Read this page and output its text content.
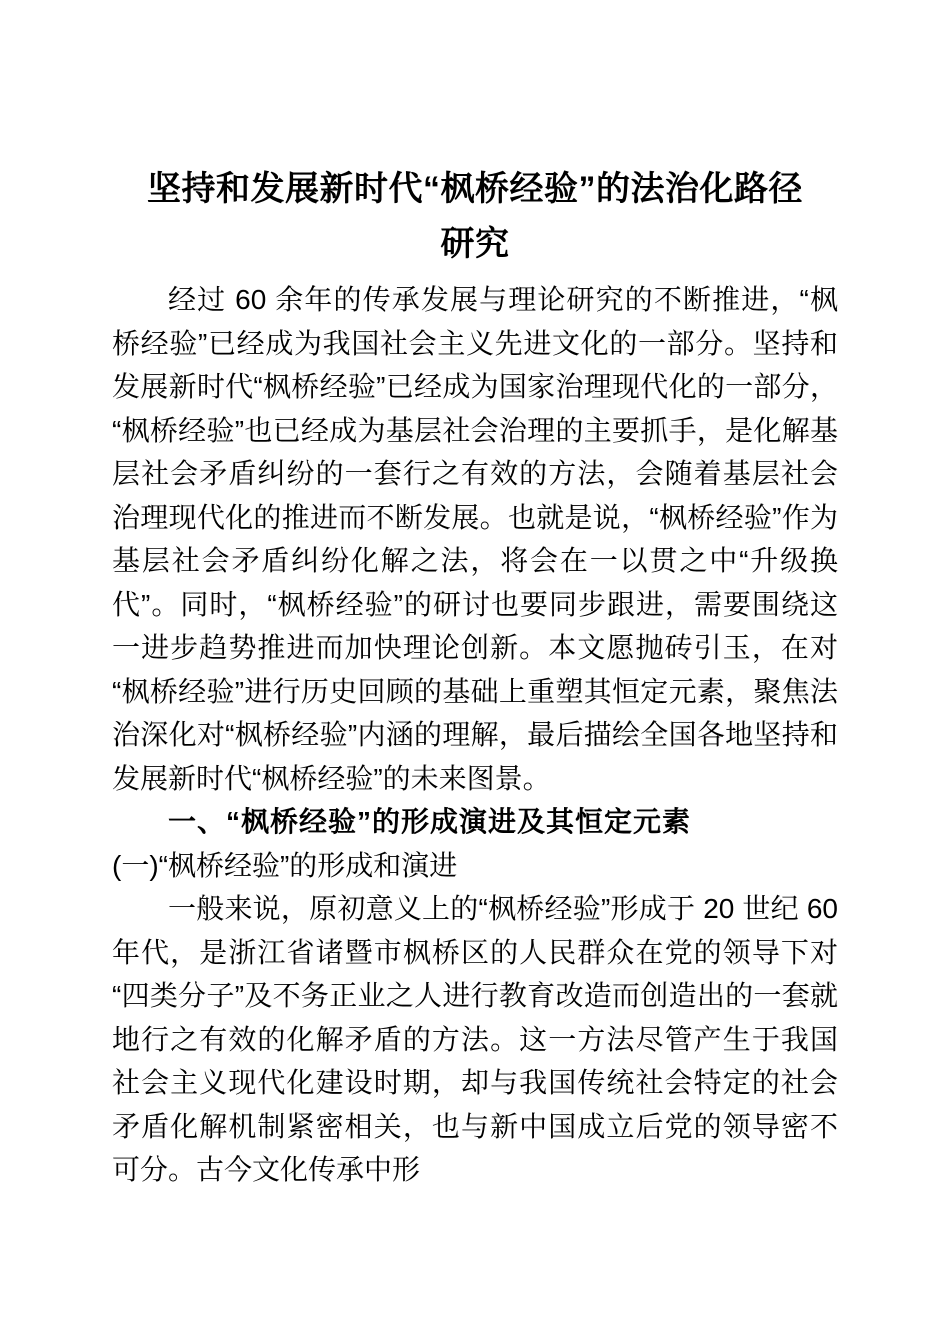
坚持和发展新时代“枫桥经验”的法治化路径
研究
经过 60 余年的传承发展与理论研究的不断推进，“枫桥经验”已经成为我国社会主义先进文化的一部分。坚持和发展新时代“枫桥经验”已经成为国家治理现代化的一部分，“枫桥经验”也已经成为基层社会治理的主要抓手，是化解基层社会矛盾纠纷的一套行之有效的方法，会随着基层社会治理现代化的推进而不断发展。也就是说，“枫桥经验”作为基层社会矛盾纠纷化解之法，将会在一以贯之中“升级换代”。同时，“枫桥经验”的研讨也要同步跟进，需要围绕这一进步趋势推进而加快理论创新。本文愿抛砖引玉，在对“枫桥经验”进行历史回顾的基础上重塑其恒定元素，聚焦法治深化对“枫桥经验”内涵的理解，最后描绘全国各地坚持和发展新时代“枫桥经验”的未来图景。
一、“枫桥经验”的形成演进及其恒定元素
(一)“枫桥经验”的形成和演进
一般来说，原初意义上的“枫桥经验”形成于 20 世纪 60 年代，是浙江省诸暨市枫桥区的人民群众在党的领导下对“四类分子”及不务正业之人进行教育改造而创造出的一套就地行之有效的化解矛盾的方法。这一方法尽管产生于我国社会主义现代化建设时期，却与我国传统社会特定的社会矛盾化解机制紧密相关，也与新中国成立后党的领导密不可分。古今文化传承中形
